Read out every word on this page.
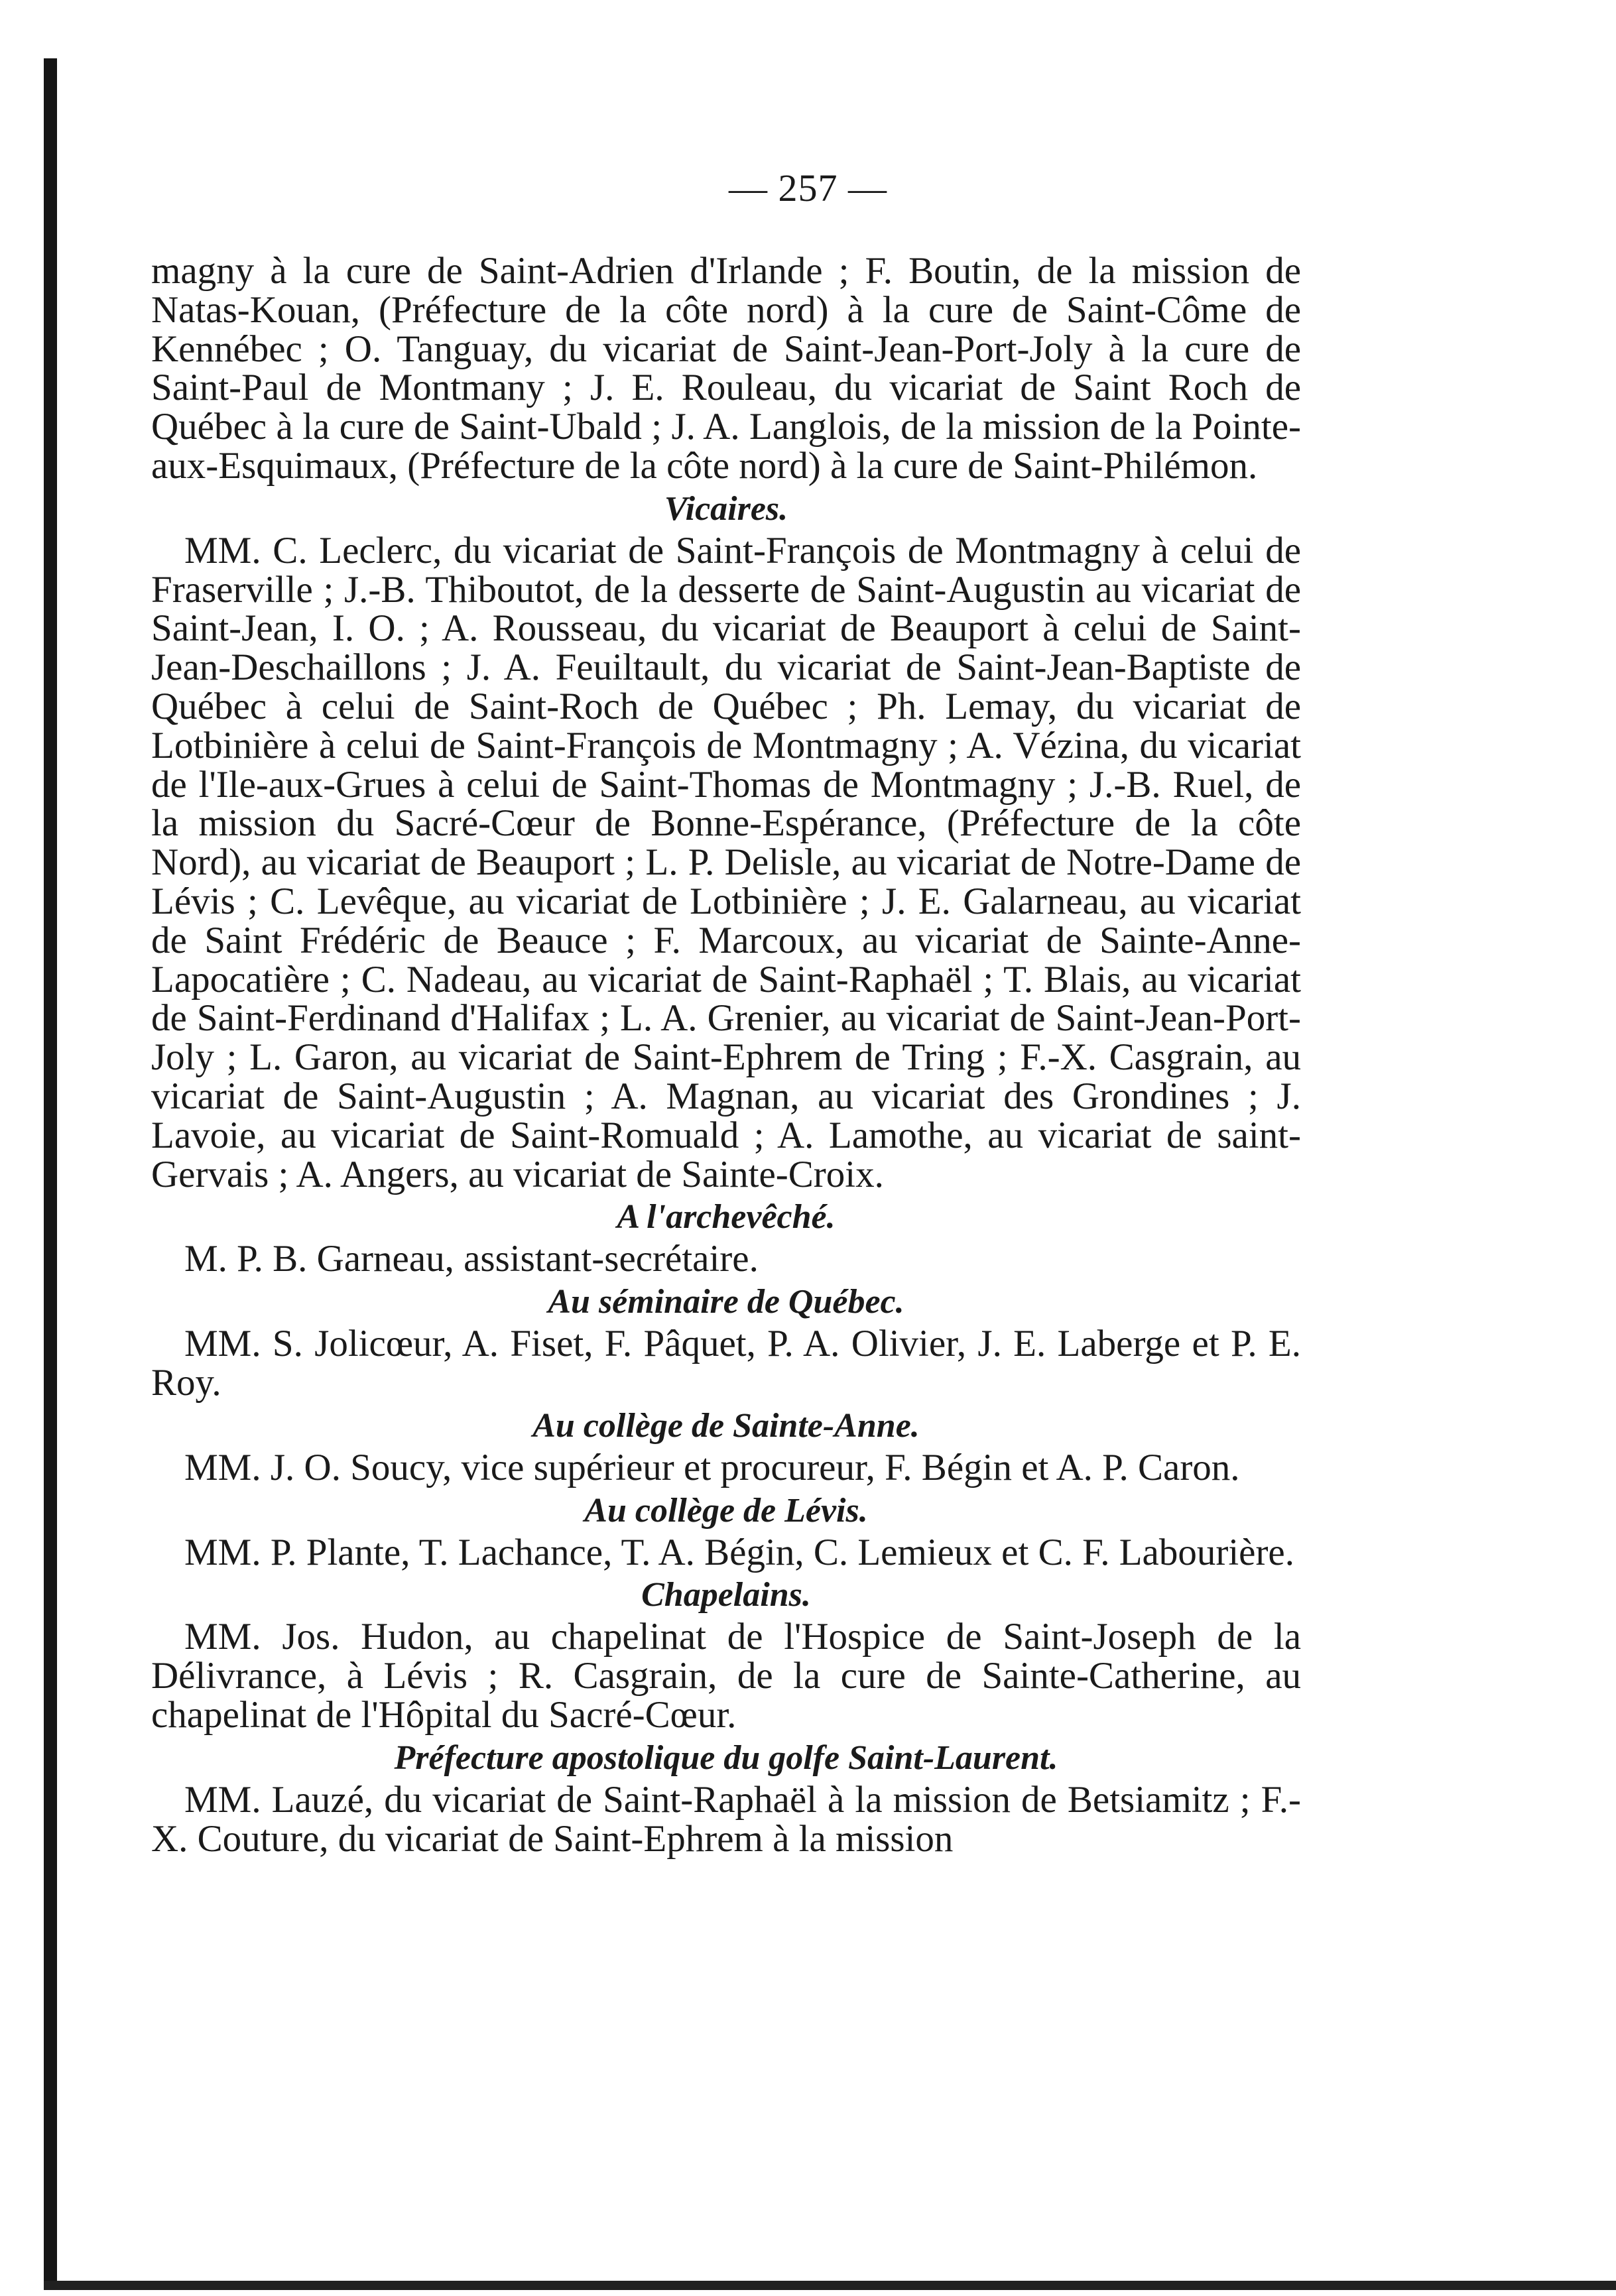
— 257 —

magny à la cure de Saint-Adrien d'Irlande ; F. Boutin, de la mission de Natas-Kouan, (Préfecture de la côte nord) à la cure de Saint-Côme de Kennébec ; O. Tanguay, du vicariat de Saint-Jean-Port-Joly à la cure de Saint-Paul de Montmany ; J. E. Rouleau, du vicariat de Saint Roch de Québec à la cure de Saint-Ubald ; J. A. Langlois, de la mission de la Pointe-aux-Esquimaux, (Préfecture de la côte nord) à la cure de Saint-Philémon.

Vicaires.

MM. C. Leclerc, du vicariat de Saint-François de Montmagny à celui de Fraserville ; J.-B. Thiboutot, de la desserte de Saint-Augustin au vicariat de Saint-Jean, I. O. ; A. Rousseau, du vicariat de Beauport à celui de Saint-Jean-Deschaillons ; J. A. Feuiltault, du vicariat de Saint-Jean-Baptiste de Québec à celui de Saint-Roch de Québec ; Ph. Lemay, du vicariat de Lotbinière à celui de Saint-François de Montmagny ; A. Vézina, du vicariat de l'Ile-aux-Grues à celui de Saint-Thomas de Montmagny ; J.-B. Ruel, de la mission du Sacré-Cœur de Bonne-Espérance, (Préfecture de la côte Nord), au vicariat de Beauport ; L. P. Delisle, au vicariat de Notre-Dame de Lévis ; C. Levêque, au vicariat de Lotbinière ; J. E. Galarneau, au vicariat de Saint Frédéric de Beauce ; F. Marcoux, au vicariat de Sainte-Anne-Lapocatière ; C. Nadeau, au vicariat de Saint-Raphaël ; T. Blais, au vicariat de Saint-Ferdinand d'Halifax ; L. A. Grenier, au vicariat de Saint-Jean-Port-Joly ; L. Garon, au vicariat de Saint-Ephrem de Tring ; F.-X. Casgrain, au vicariat de Saint-Augustin ; A. Magnan, au vicariat des Grondines ; J. Lavoie, au vicariat de Saint-Romuald ; A. Lamothe, au vicariat de saint-Gervais ; A. Angers, au vicariat de Sainte-Croix.

A l'archevêché.

M. P. B. Garneau, assistant-secrétaire.

Au séminaire de Québec.

MM. S. Jolicœur, A. Fiset, F. Pâquet, P. A. Olivier, J. E. Laberge et P. E. Roy.

Au collège de Sainte-Anne.

MM. J. O. Soucy, vice supérieur et procureur, F. Bégin et A. P. Caron.

Au collège de Lévis.

MM. P. Plante, T. Lachance, T. A. Bégin, C. Lemieux et C. F. Labourière.

Chapelains.

MM. Jos. Hudon, au chapelinat de l'Hospice de Saint-Joseph de la Délivrance, à Lévis ; R. Casgrain, de la cure de Sainte-Catherine, au chapelinat de l'Hôpital du Sacré-Cœur.

Préfecture apostolique du golfe Saint-Laurent.

MM. Lauzé, du vicariat de Saint-Raphaël à la mission de Betsiamitz ; F.-X. Couture, du vicariat de Saint-Ephrem à la mission
